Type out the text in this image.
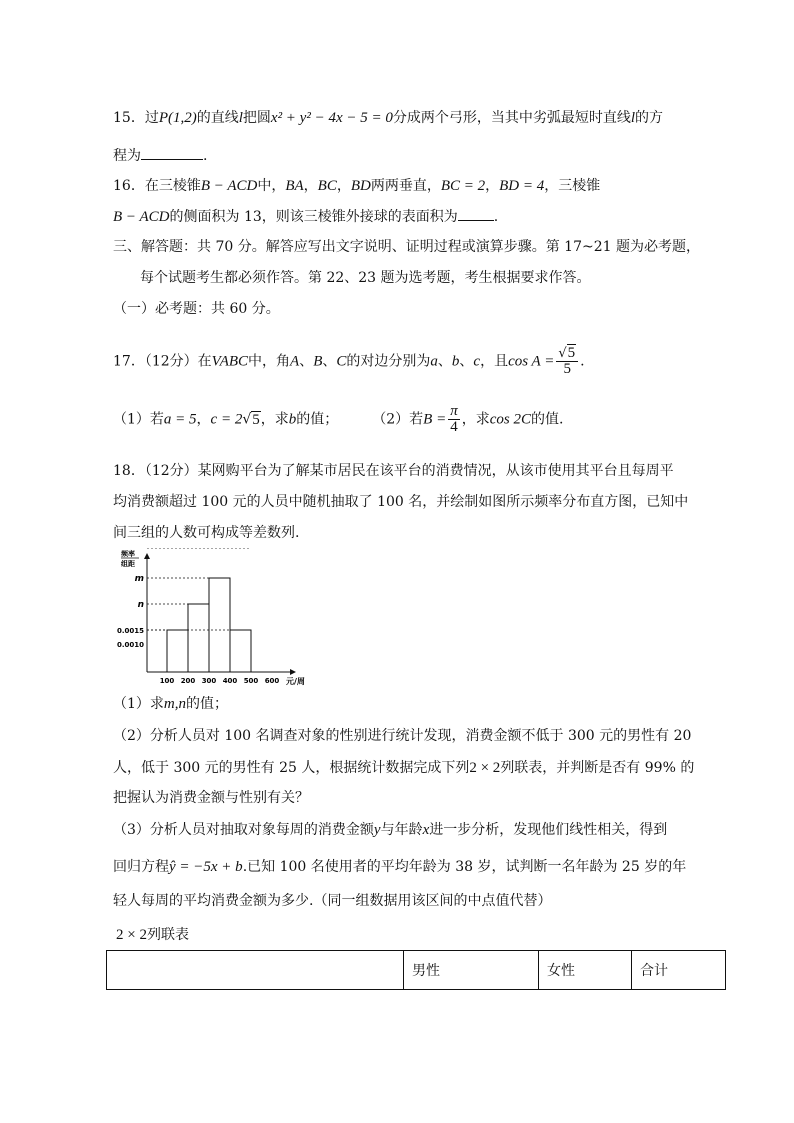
15．过P(1,2)的直线l把圆x² + y² − 4x − 5 = 0分成两个弓形，当其中劣弧最短时直线l的方
程为	.
16．在三棱锥B − ACD中，BA，BC，BD两两垂直，BC = 2，BD = 4，三棱锥
B − ACD的侧面积为 13，则该三棱锥外接球的表面积为	.
三、解答题：共 70 分。解答应写出文字说明、证明过程或演算步骤。第 17~21 题为必考题，
每个试题考生都必须作答。第 22、23 题为选考题，考生根据要求作答。
（一）必考题：共 60 分。
17．（12分）在VABC中，角A、B、C的对边分别为a、b、c，且$\cos A = \frac{√5}{5}$ .
（1）若a = 5，c = 2√5，求b的值； （2）若$B = \frac{\pi}{4}$ ，求cos 2C的值.
18．（12分）某网购平台为了解某市居民在该平台的消费情况，从该市使用其平台且每周平
均消费额超过 100 元的人员中随机抽取了 100 名，并绘制如图所示频率分布直方图，已知中
间三组的人数可构成等差数列.
m
n
0.0015
0.0010
100 200 300 400 500 600
频率
组距
元/周
（1）求m,n的值；
（2）分析人员对 100 名调查对象的性别进行统计发现，消费金额不低于 300 元的男性有 20
人，低于 300 元的男性有 25 人，根据统计数据完成下列2 × 2列联表，并判断是否有 99% 的
把握认为消费金额与性别有关？
（3）分析人员对抽取对象每周的消费金额y与年龄x进一步分析，发现他们线性相关，得到
回归方程ŷ = −5x + b.已知 100 名使用者的平均年龄为 38 岁，试判断一名年龄为 25 岁的年
轻人每周的平均消费金额为多少.（同一组数据用该区间的中点值代替）
2 × 2列联表
	男性	女性	合计
